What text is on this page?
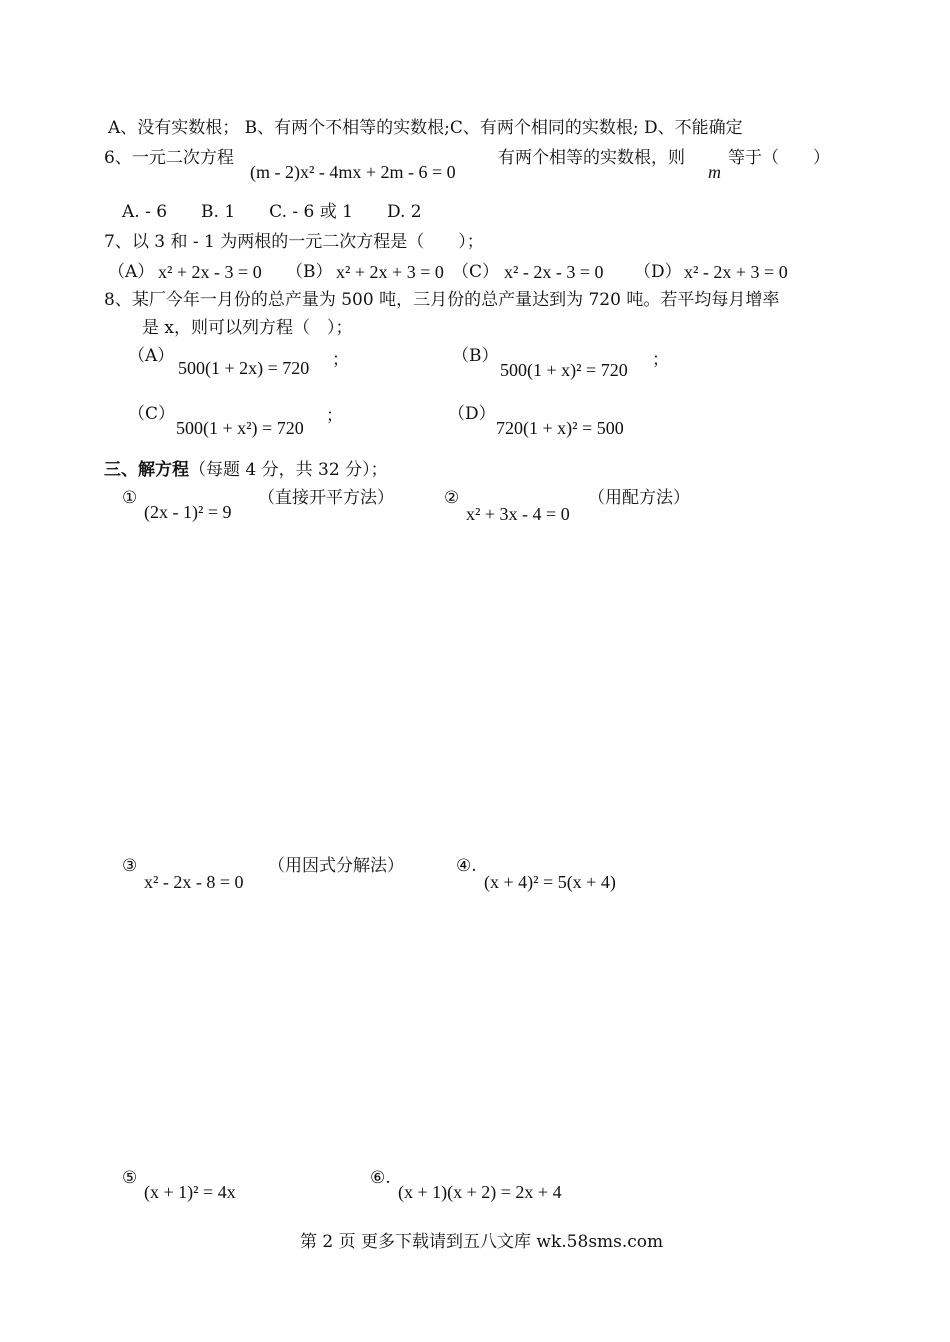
A、没有实数根； B、有两个不相等的实数根;C、有两个相同的实数根; D、不能确定
6、一元二次方程
(m - 2)x² - 4mx + 2m - 6 = 0
有两个相等的实数根，则
m
等于（　　）
A. - 6　　B. 1　　C. - 6 或 1　　D. 2
7、以 3 和 - 1 为两根的一元二次方程是（　　）；
（A） x² + 2x - 3 = 0 （B） x² + 2x + 3 = 0 （C） x² - 2x - 3 = 0 （D） x² - 2x + 3 = 0
8、某厂今年一月份的总产量为 500 吨，三月份的总产量达到为 720 吨。若平均每月增率
是 x，则可以列方程（　）；
（A）
500(1 + 2x) = 720 ；	（B）
500(1 + x)² = 720 ；
（C）
500(1 + x²) = 720
；	（D）
720(1 + x)² = 500
三、解方程（每题 4 分，共 32 分）；
①
(2x - 1)² = 9
（直接开平方法）	②
x² + 3x - 4 = 0
（用配方法）
③
x² - 2x - 8 = 0
（用因式分解法）	④.
(x + 4)² = 5(x + 4)
⑤
(x + 1)² = 4x
⑥.
(x + 1)(x + 2) = 2x + 4
第 2 页 更多下载请到五八文库 wk.58sms.com
